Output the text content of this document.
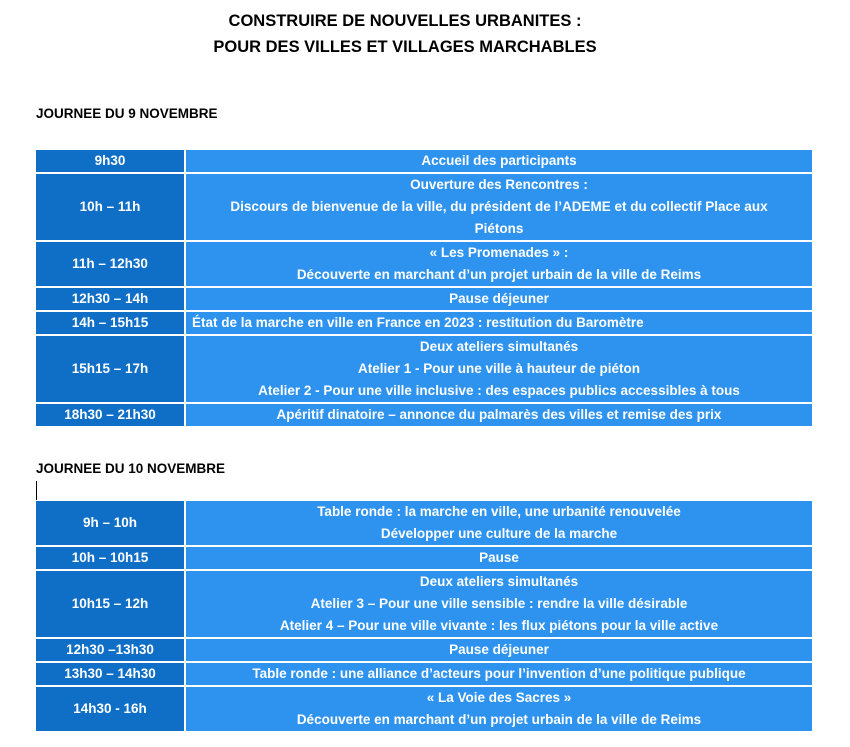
CONSTRUIRE DE NOUVELLES URBANITES :
POUR DES VILLES ET VILLAGES MARCHABLES
JOURNEE DU 9 NOVEMBRE
9h30	Accueil des participants

10h – 11h	Ouverture des Rencontres :
Discours de bienvenue de la ville, du président de l’ADEME et du collectif Place aux
Piétons

11h – 12h30	« Les Promenades » :
Découverte en marchant d’un projet urbain de la ville de Reims

12h30 – 14h	Pause déjeuner

14h – 15h15	État de la marche en ville en France en 2023 : restitution du Baromètre

15h15 – 17h	Deux ateliers simultanés
Atelier 1 - Pour une ville à hauteur de piéton
Atelier 2 - Pour une ville inclusive : des espaces publics accessibles à tous

18h30 – 21h30	Apéritif dinatoire – annonce du palmarès des villes et remise des prix
JOURNEE DU 10 NOVEMBRE
9h – 10h	Table ronde : la marche en ville, une urbanité renouvelée
Développer une culture de la marche

10h – 10h15	Pause

10h15 – 12h	Deux ateliers simultanés
Atelier 3 – Pour une ville sensible : rendre la ville désirable
Atelier 4 – Pour une ville vivante : les flux piétons pour la ville active

12h30 –13h30	Pause déjeuner

13h30 – 14h30	Table ronde : une alliance d’acteurs pour l’invention d’une politique publique

14h30 - 16h	« La Voie des Sacres »
Découverte en marchant d’un projet urbain de la ville de Reims
